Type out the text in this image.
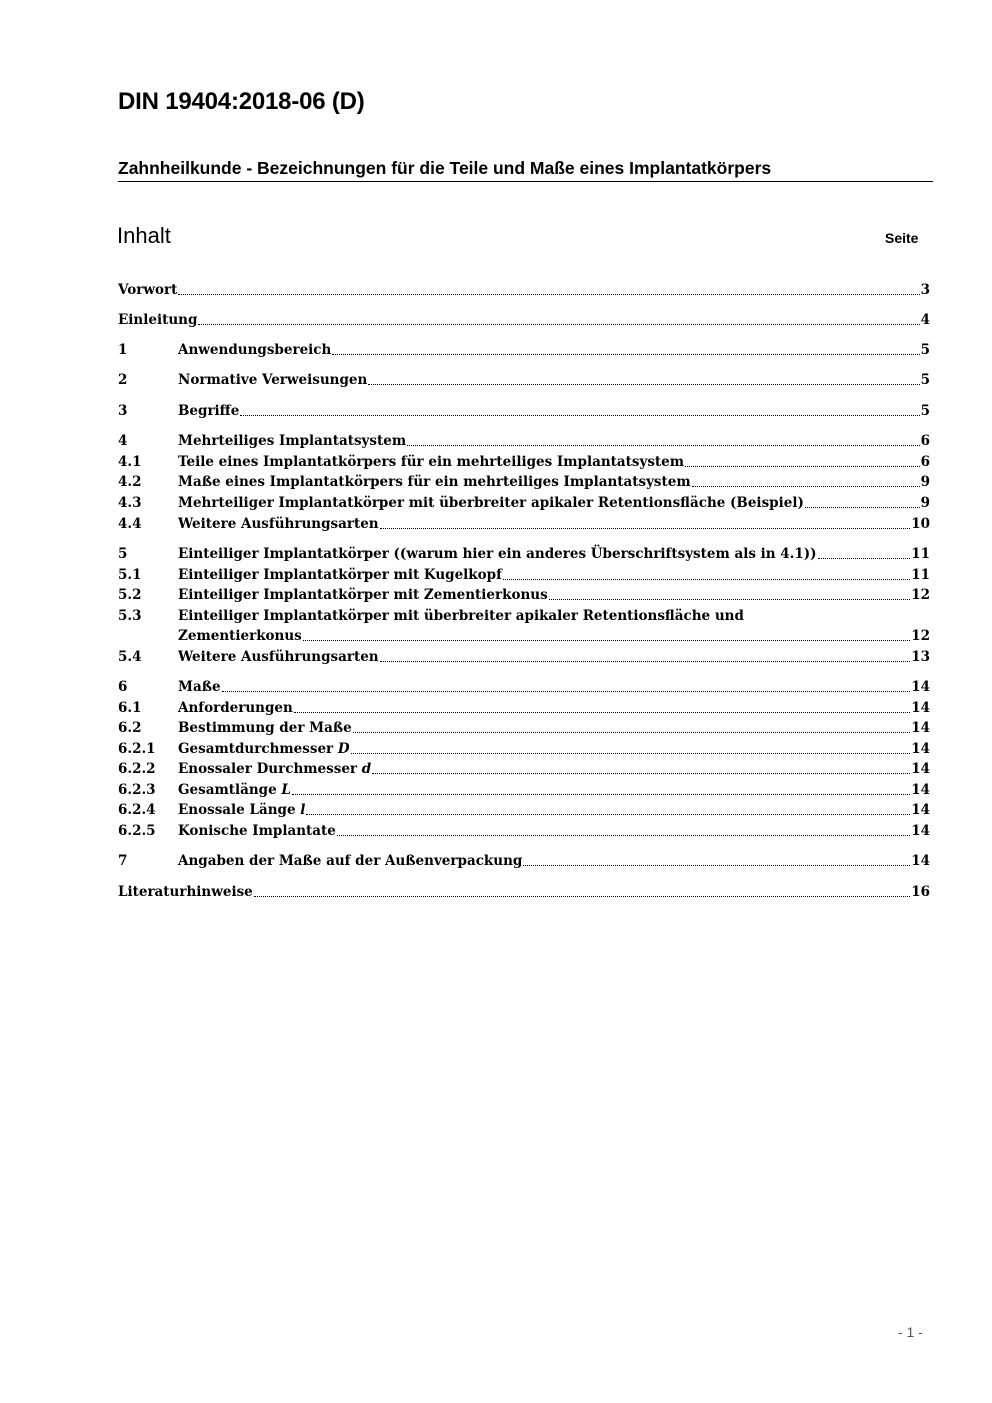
DIN 19404:2018-06 (D)
Zahnheilkunde - Bezeichnungen für die Teile und Maße eines Implantatkörpers
Inhalt	Seite
Vorwort	3
Einleitung	4
1	Anwendungsbereich	5
2	Normative Verweisungen	5
3	Begriffe	5
4	Mehrteiliges Implantatsystem	6
4.1	Teile eines Implantatkörpers für ein mehrteiliges Implantatsystem	6
4.2	Maße eines Implantatkörpers für ein mehrteiliges Implantatsystem	9
4.3	Mehrteiliger Implantatkörper mit überbreiter apikaler Retentionsfläche (Beispiel)	9
4.4	Weitere Ausführungsarten	10
5	Einteiliger Implantatkörper ((warum hier ein anderes Überschriftsystem als in 4.1))	11
5.1	Einteiliger Implantatkörper mit Kugelkopf	11
5.2	Einteiliger Implantatkörper mit Zementierkonus	12
5.3	Einteiliger Implantatkörper mit überbreiter apikaler Retentionsfläche und
Zementierkonus	12
5.4	Weitere Ausführungsarten	13
6	Maße	14
6.1	Anforderungen	14
6.2	Bestimmung der Maße	14
6.2.1 Gesamtdurchmesser D	14
6.2.2 Enossaler Durchmesser d	14
6.2.3 Gesamtlänge L	14
6.2.4 Enossale Länge l	14
6.2.5 Konische Implantate	14
7	Angaben der Maße auf der Außenverpackung	14
Literaturhinweise	16
- 1 -
